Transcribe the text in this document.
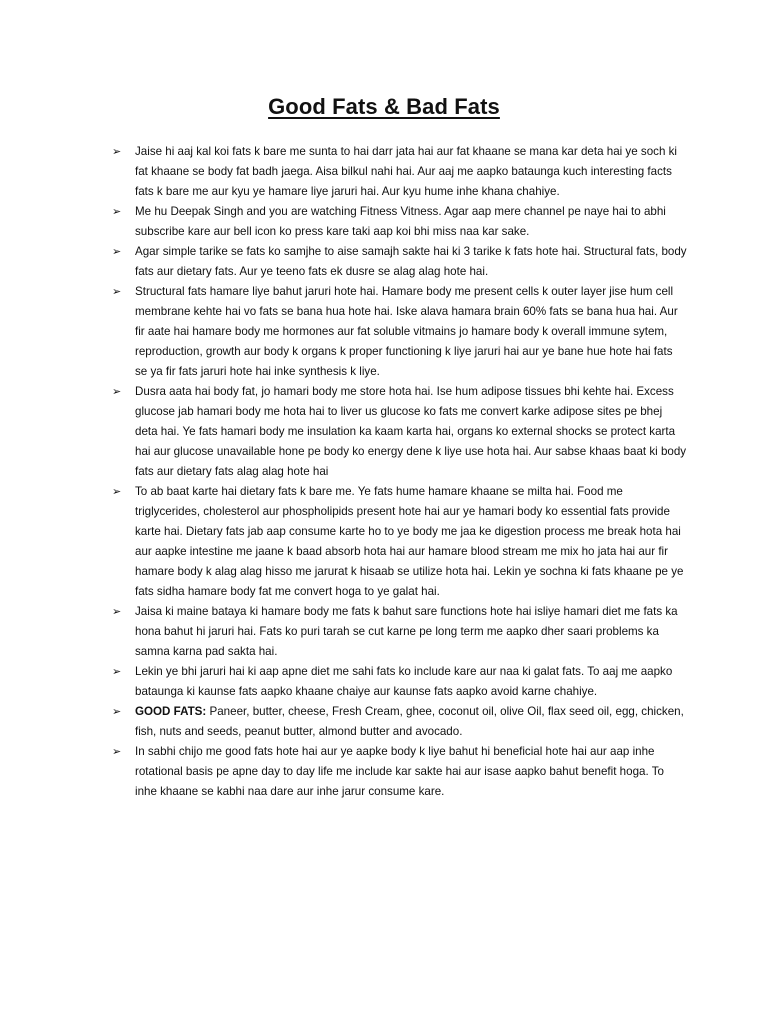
Good Fats & Bad Fats
➢	Jaise hi aaj kal koi fats k bare me sunta to hai darr jata hai aur fat khaane se mana kar deta hai ye soch ki fat khaane se body fat badh jaega. Aisa bilkul nahi hai. Aur aaj me aapko bataunga kuch interesting facts fats k bare me aur kyu ye hamare liye jaruri hai. Aur kyu hume inhe khana chahiye.
➢	Me hu Deepak Singh and you are watching Fitness Vitness. Agar aap mere channel pe naye hai to abhi subscribe kare aur bell icon ko press kare taki aap koi bhi miss naa kar sake.
➢	Agar simple tarike se fats ko samjhe to aise samajh sakte hai ki 3 tarike k fats hote hai. Structural fats, body fats aur dietary fats. Aur ye teeno fats ek dusre se alag alag hote hai.
➢	Structural fats hamare liye bahut jaruri hote hai. Hamare body me present cells k outer layer jise hum cell membrane kehte hai vo fats se bana hua hote hai. Iske alava hamara brain 60% fats se bana hua hai. Aur fir aate hai hamare body me hormones aur fat soluble vitmains jo hamare body k overall immune sytem, reproduction, growth aur body k organs k proper functioning k liye jaruri hai aur ye bane hue hote hai fats se ya fir fats jaruri hote hai inke synthesis k liye.
➢	Dusra aata hai body fat, jo hamari body me store hota hai. Ise hum adipose tissues bhi kehte hai. Excess glucose jab hamari body me hota hai to liver us glucose ko fats me convert karke adipose sites pe bhej deta hai. Ye fats hamari body me insulation ka kaam karta hai, organs ko external shocks se protect karta hai aur glucose unavailable hone pe body ko energy dene k liye use hota hai. Aur sabse khaas baat ki body fats aur dietary fats alag alag hote hai
➢	To ab baat karte hai dietary fats k bare me. Ye fats hume hamare khaane se milta hai. Food me triglycerides, cholesterol aur phospholipids present hote hai aur ye hamari body ko essential fats provide karte hai. Dietary fats jab aap consume karte ho to ye body me jaa ke digestion process me break hota hai aur aapke intestine me jaane k baad absorb hota hai aur hamare blood stream me mix ho jata hai aur fir hamare body k alag alag hisso me jarurat k hisaab se utilize hota hai. Lekin ye sochna ki fats khaane pe ye fats sidha hamare body fat me convert hoga to ye galat hai.
➢	Jaisa ki maine bataya ki hamare body me fats k bahut sare functions hote hai isliye hamari diet me fats ka hona bahut hi jaruri hai. Fats ko puri tarah se cut karne pe long term me aapko dher saari problems ka samna karna pad sakta hai.
➢	Lekin ye bhi jaruri hai ki aap apne diet me sahi fats ko include kare aur naa ki galat fats. To aaj me aapko bataunga ki kaunse fats aapko khaane chaiye aur kaunse fats aapko avoid karne chahiye.
➢	GOOD FATS: Paneer, butter, cheese, Fresh Cream, ghee, coconut oil, olive Oil, flax seed oil, egg, chicken, fish, nuts and seeds, peanut butter, almond butter and avocado.
➢	In sabhi chijo me good fats hote hai aur ye aapke body k liye bahut hi beneficial hote hai aur aap inhe rotational basis pe apne day to day life me include kar sakte hai aur isase aapko bahut benefit hoga. To inhe khaane se kabhi naa dare aur inhe jarur consume kare.
